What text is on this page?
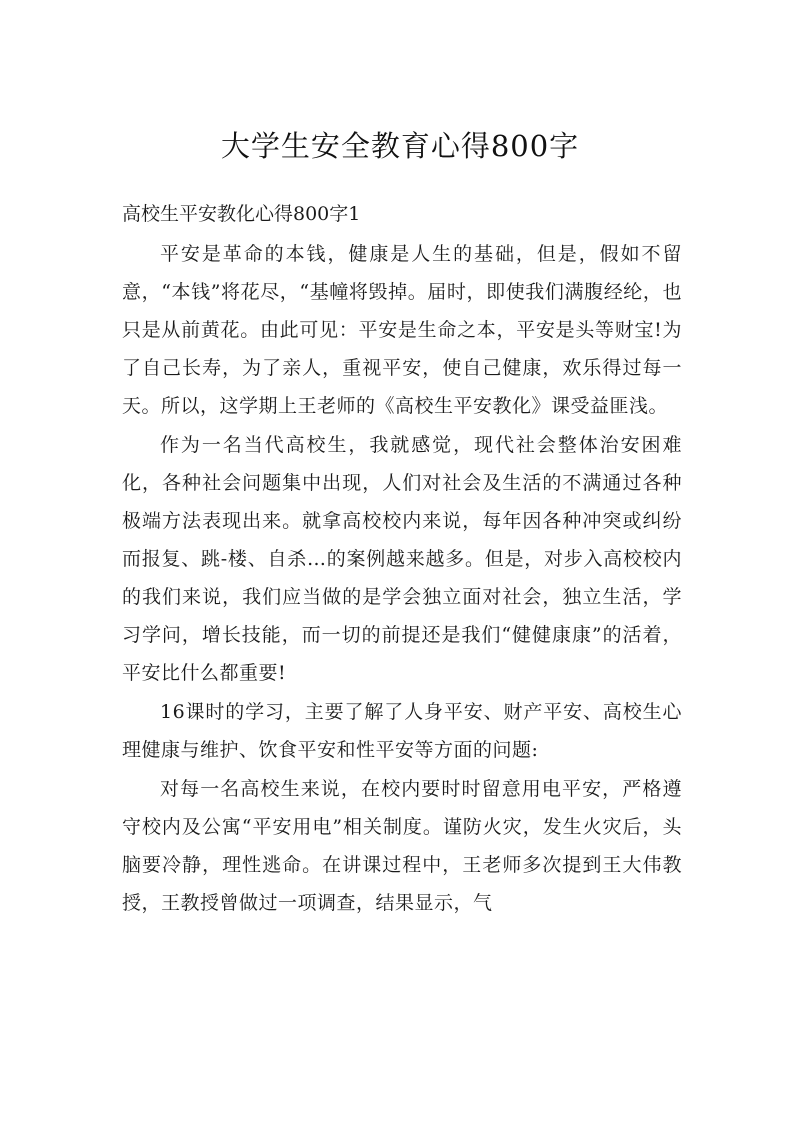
大学生安全教育心得800字
高校生平安教化心得800字1

平安是革命的本钱，健康是人生的基础，但是，假如不留意，“本钱”将花尽，“基幢将毁掉。届时，即使我们满腹经纶，也只是从前黄花。由此可见：平安是生命之本，平安是头等财宝!为了自己长寿，为了亲人，重视平安，使自己健康，欢乐得过每一天。所以，这学期上王老师的《高校生平安教化》课受益匪浅。

作为一名当代高校生，我就感觉，现代社会整体治安困难化，各种社会问题集中出现，人们对社会及生活的不满通过各种极端方法表现出来。就拿高校校内来说，每年因各种冲突或纠纷而报复、跳-楼、自杀…的案例越来越多。但是，对步入高校校内的我们来说，我们应当做的是学会独立面对社会，独立生活，学习学问，增长技能，而一切的前提还是我们“健健康康”的活着，平安比什么都重要!

16课时的学习，主要了解了人身平安、财产平安、高校生心理健康与维护、饮食平安和性平安等方面的问题:

对每一名高校生来说，在校内要时时留意用电平安，严格遵守校内及公寓“平安用电”相关制度。谨防火灾，发生火灾后，头脑要冷静，理性逃命。在讲课过程中，王老师多次提到王大伟教授，王教授曾做过一项调查，结果显示，气
